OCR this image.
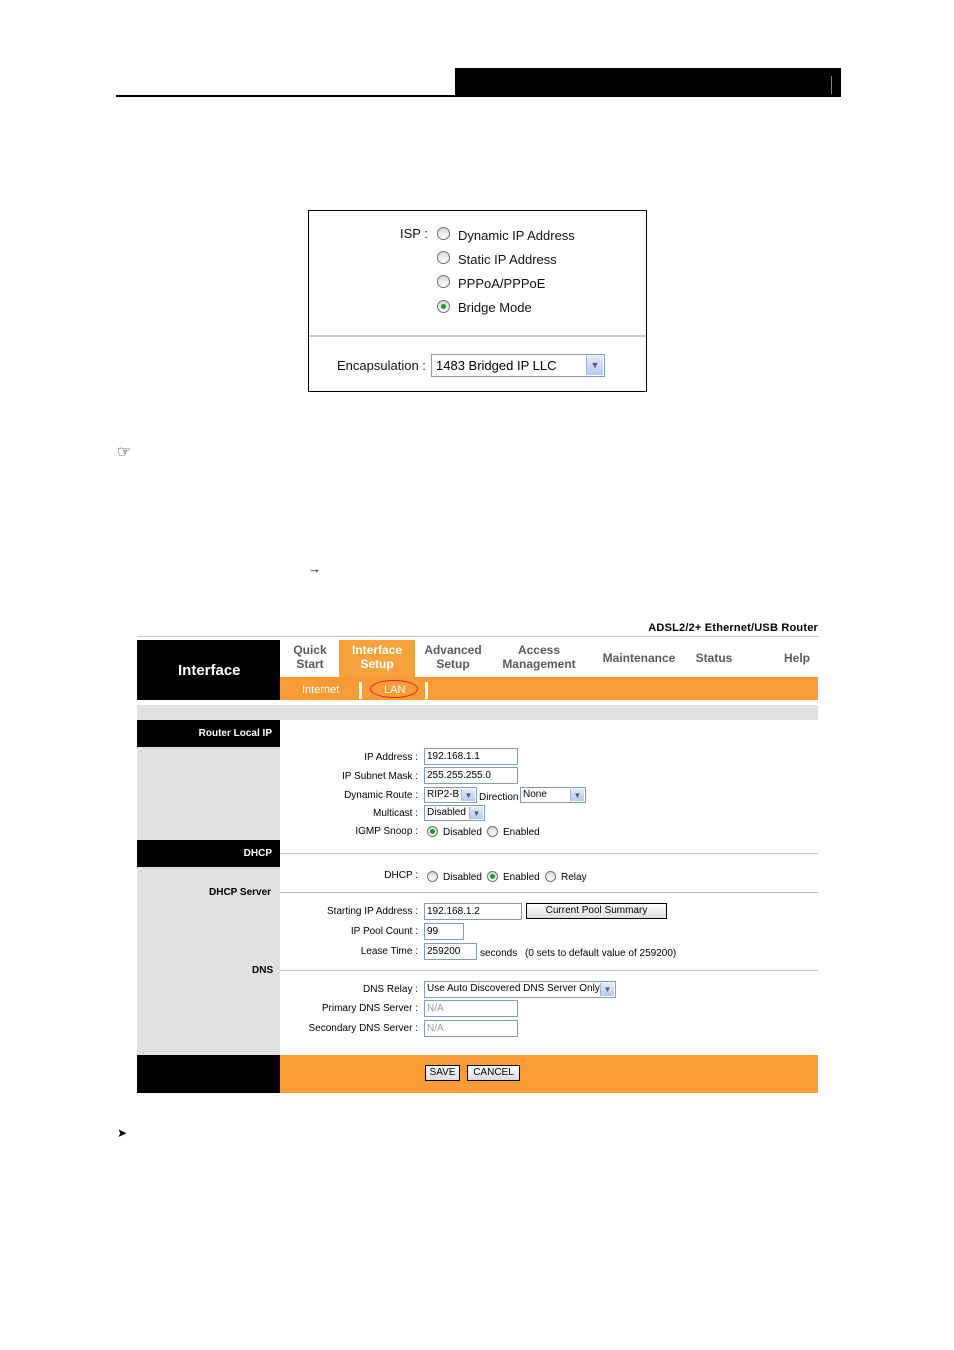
ISP : Dynamic IP Address
Static IP Address
PPPoA/PPPoE
Bridge Mode
Encapsulation : 1483 Bridged IP LLC	▼
☞
→
ADSL2/2+ Ethernet/USB Router
Interface
Quick
Start
Interface
Setup
Advanced
Setup
Access
Management	Maintenance	Status	Help
Internet	LAN
Router Local IP
IP Address : 192.168.1.1
IP Subnet Mask : 255.255.255.0
Dynamic Route : RIP2-B ▼ Direction None	▼
Multicast : Disabled ▼
IGMP Snoop :	Disabled Enabled
DHCP
DHCP :	Disabled Enabled Relay
DHCP Server
Starting IP Address : 192.168.1.2	Current Pool Summary
IP Pool Count : 99
Lease Time : 259200	seconds (0 sets to default value of 259200)
DNS
DNS Relay : Use Auto Discovered DNS Server Only ▼
Primary DNS Server : N/A
Secondary DNS Server : N/A
SAVE	CANCEL
➤
